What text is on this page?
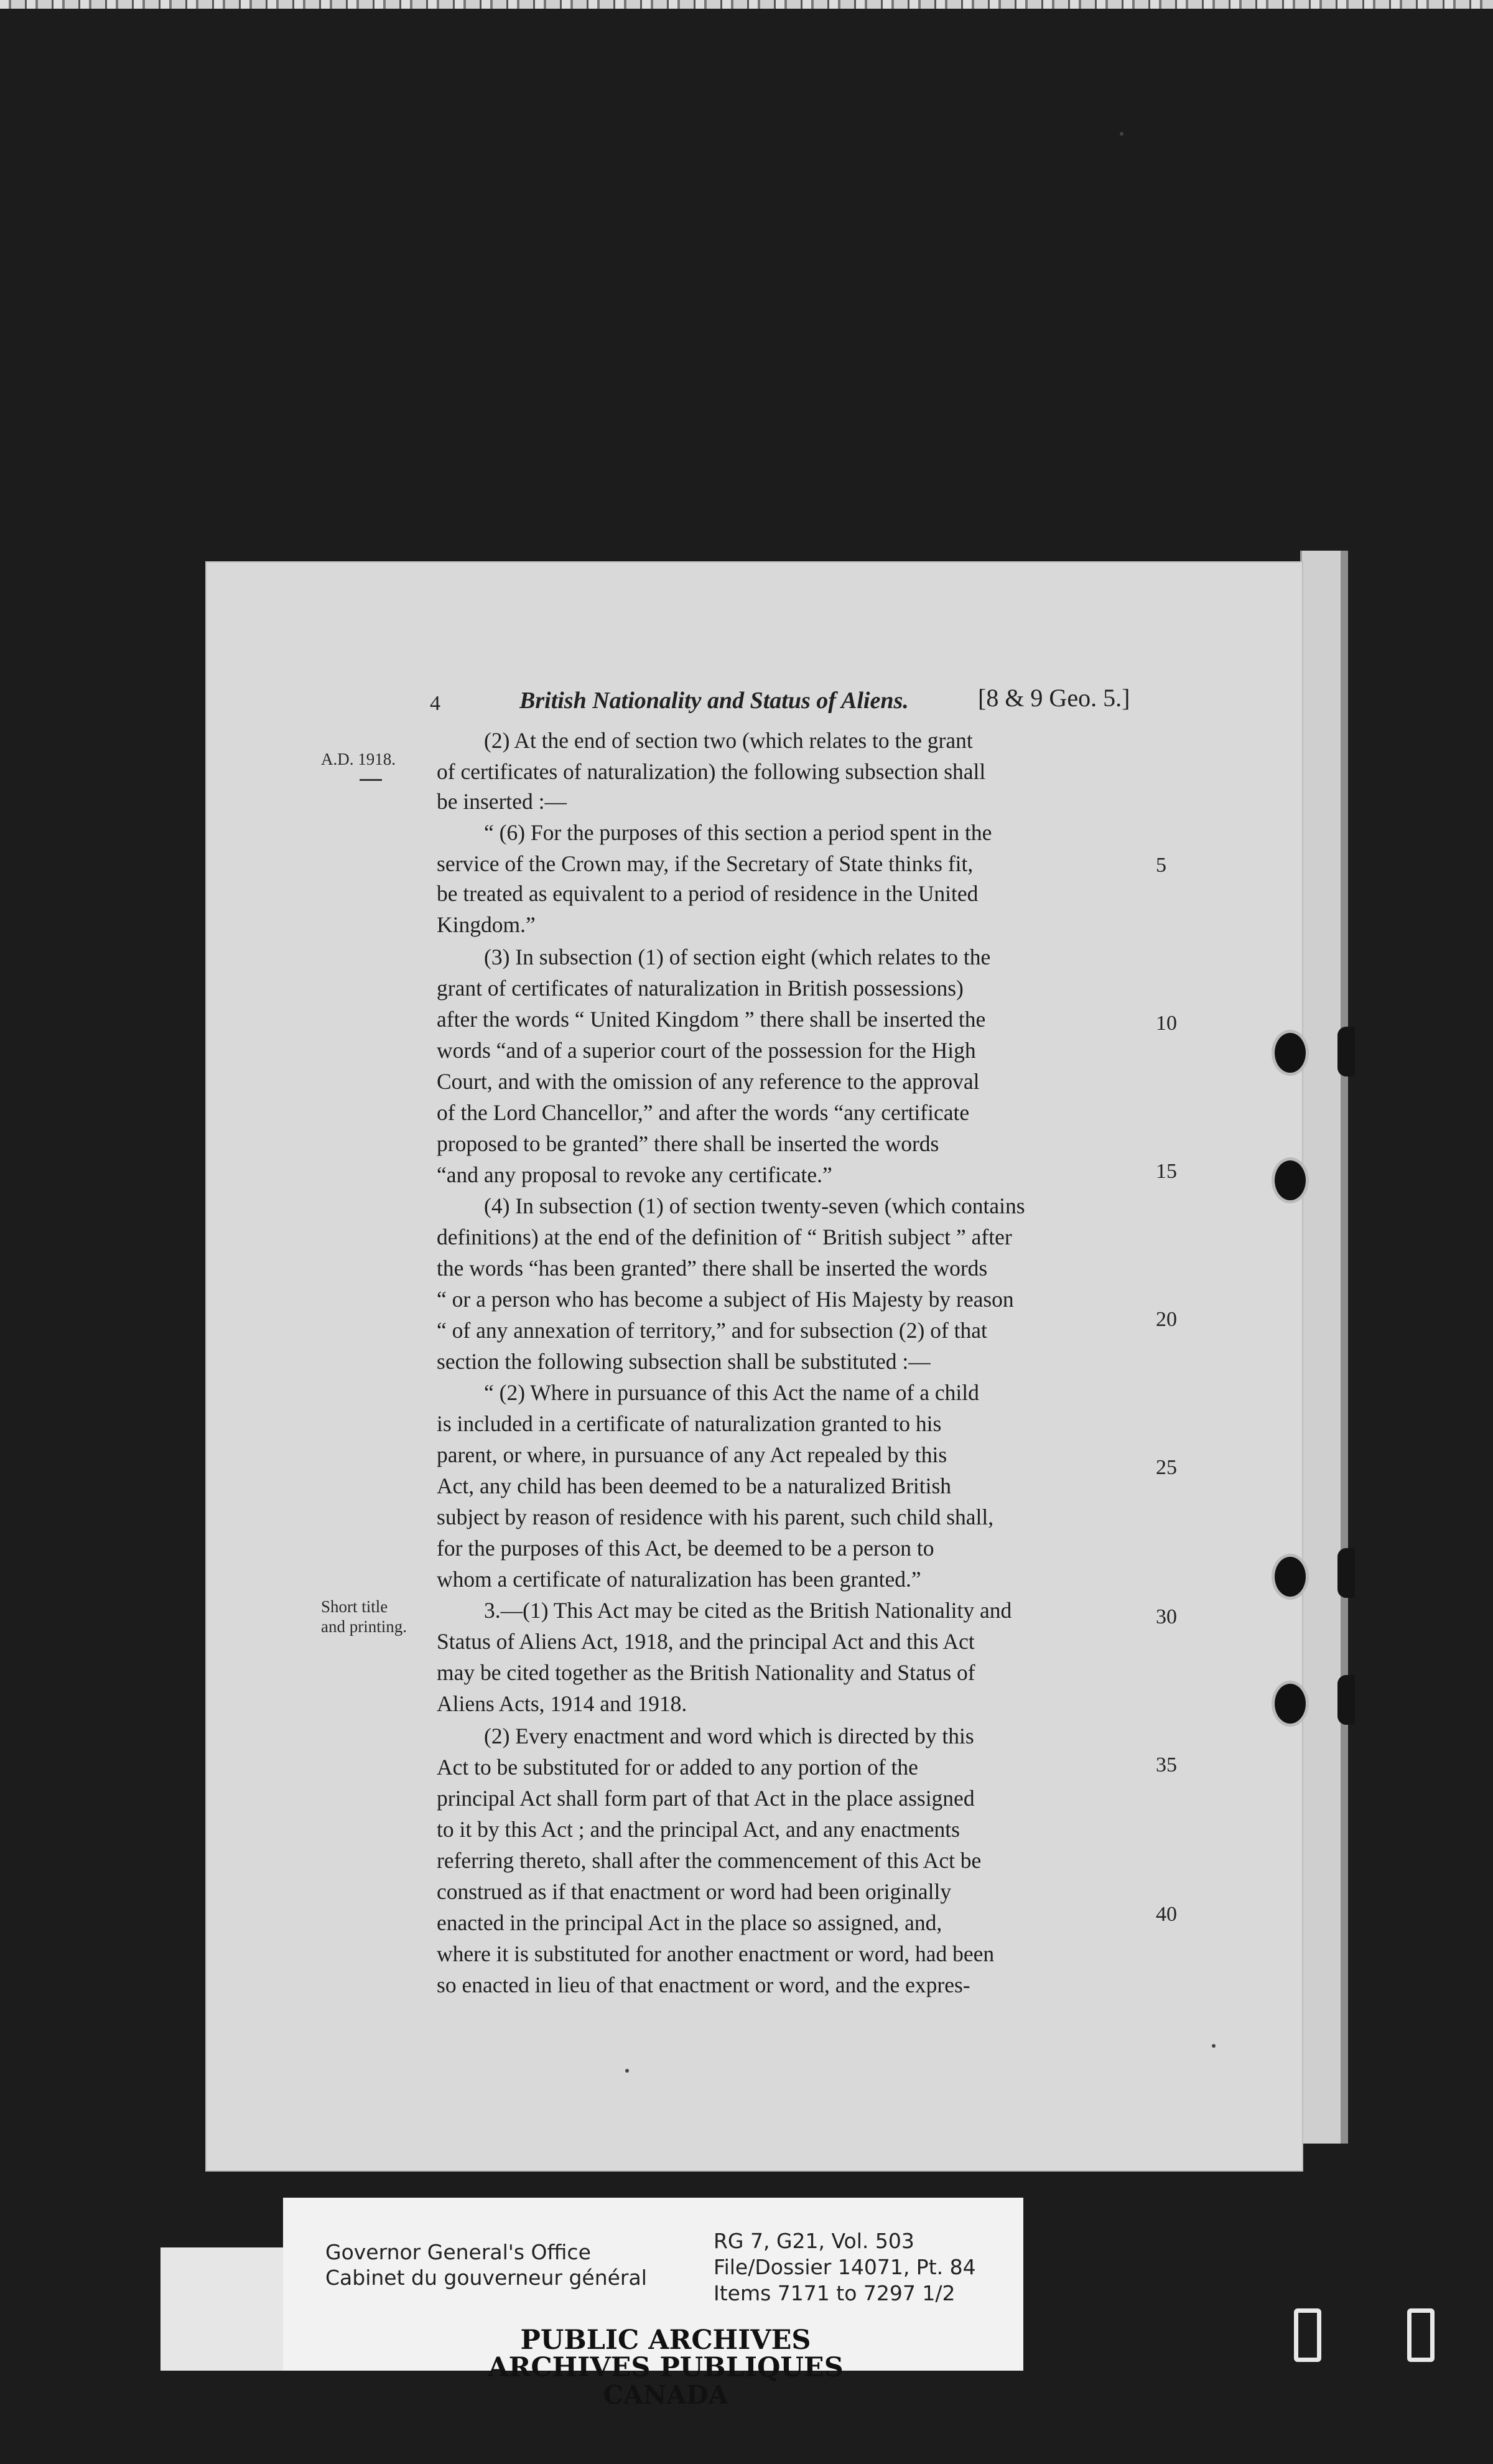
4	British Nationality and Status of Aliens.	[8 & 9 Geo. 5.]
A.D. 1918.
Short title
and printing.
(2) At the end of section two (which relates to the grant
of certificates of naturalization) the following subsection shall
be inserted :—
“ (6) For the purposes of this section a period spent in the
service of the Crown may, if the Secretary of State thinks fit,
be treated as equivalent to a period of residence in the United
Kingdom.”
(3) In subsection (1) of section eight (which relates to the
grant of certificates of naturalization in British possessions)
after the words “ United Kingdom ” there shall be inserted the
words “and of a superior court of the possession for the High
Court, and with the omission of any reference to the approval
of the Lord Chancellor,” and after the words “any certificate
proposed to be granted” there shall be inserted the words
“and any proposal to revoke any certificate.”
(4) In subsection (1) of section twenty-seven (which contains
definitions) at the end of the definition of “ British subject ” after
the words “has been granted” there shall be inserted the words
“ or a person who has become a subject of His Majesty by reason
“ of any annexation of territory,” and for subsection (2) of that
section the following subsection shall be substituted :—
“ (2) Where in pursuance of this Act the name of a child
is included in a certificate of naturalization granted to his
parent, or where, in pursuance of any Act repealed by this
Act, any child has been deemed to be a naturalized British
subject by reason of residence with his parent, such child shall,
for the purposes of this Act, be deemed to be a person to
whom a certificate of naturalization has been granted.”
3.—(1) This Act may be cited as the British Nationality and
Status of Aliens Act, 1918, and the principal Act and this Act
may be cited together as the British Nationality and Status of
Aliens Acts, 1914 and 1918.
(2) Every enactment and word which is directed by this
Act to be substituted for or added to any portion of the
principal Act shall form part of that Act in the place assigned
to it by this Act ; and the principal Act, and any enactments
referring thereto, shall after the commencement of this Act be
construed as if that enactment or word had been originally
enacted in the principal Act in the place so assigned, and,
where it is substituted for another enactment or word, had been
so enacted in lieu of that enactment or word, and the expres-
5
10
15
20
25
30
35
40
Governor General's Office
Cabinet du gouverneur général
RG 7, G21, Vol. 503
File/Dossier 14071, Pt. 84
Items 7171 to 7297 1/2
PUBLIC ARCHIVES
ARCHIVES PUBLIQUES
CANADA
